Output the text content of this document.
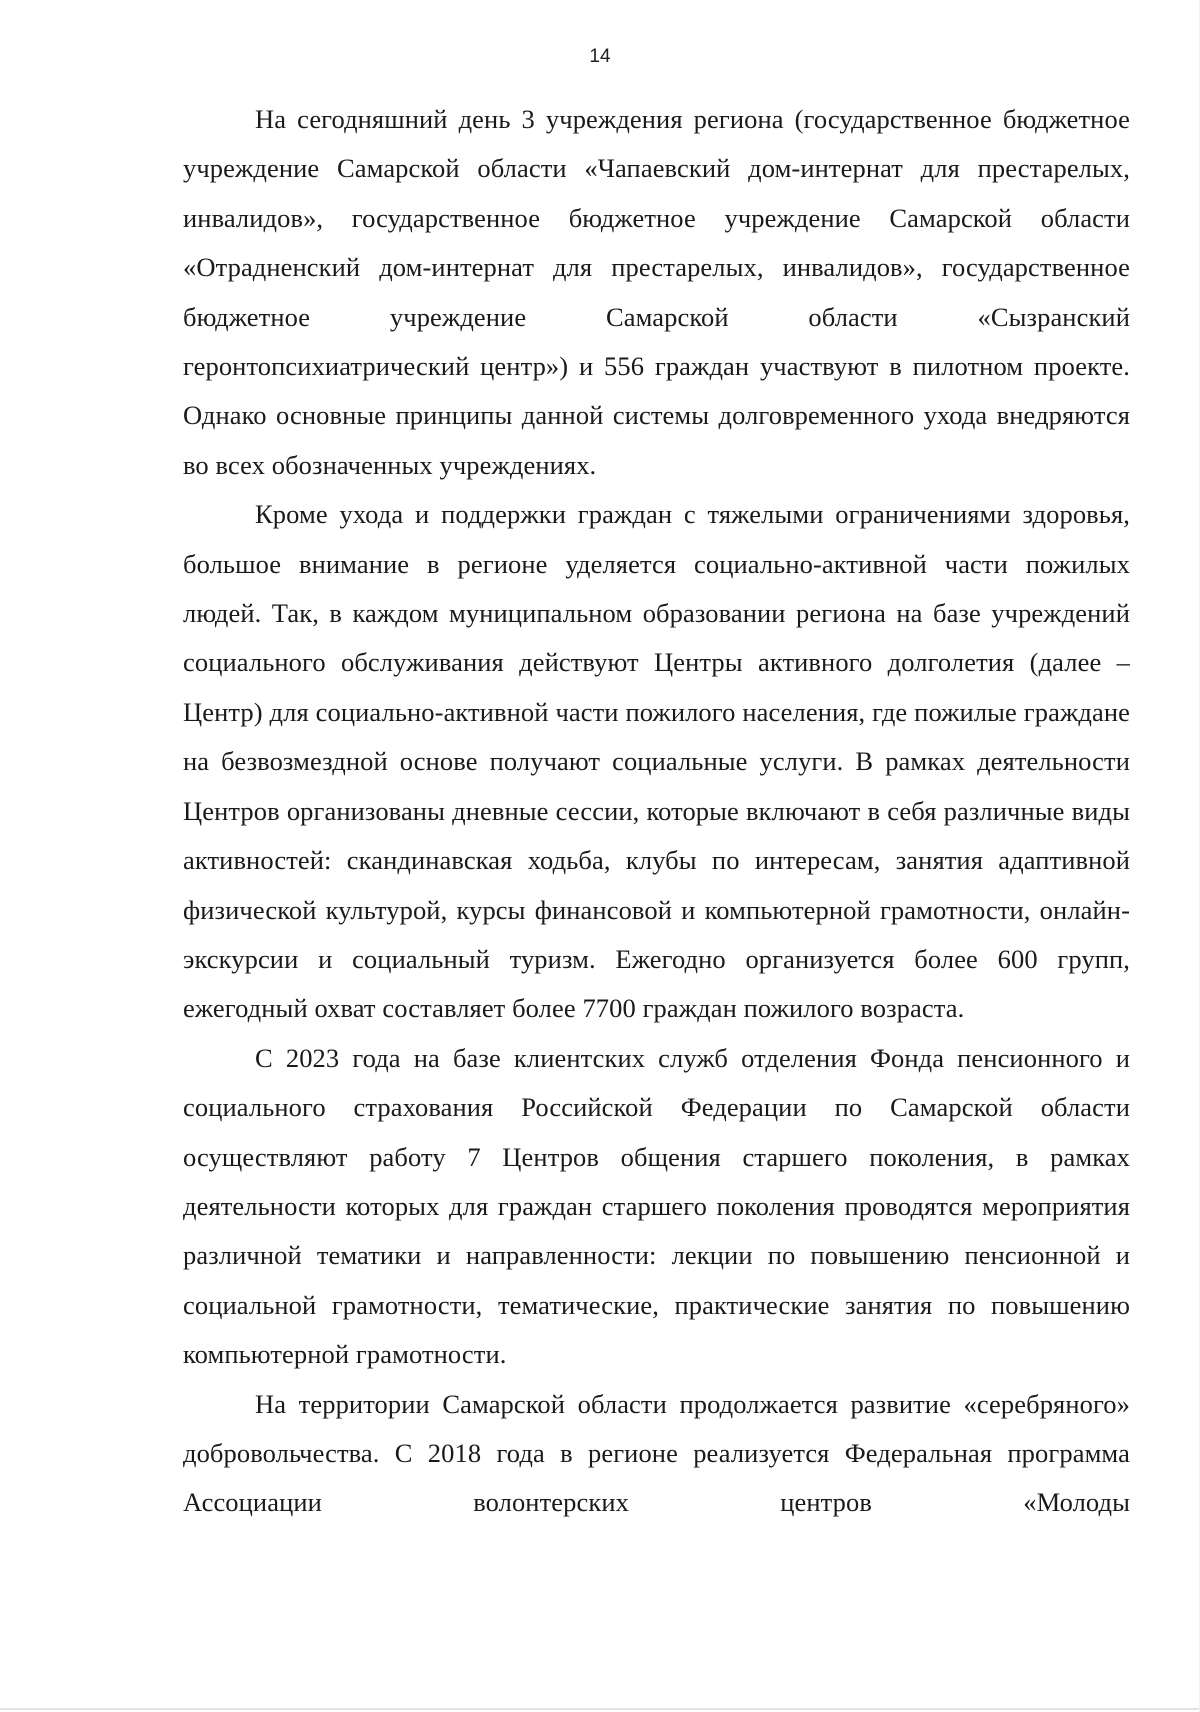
14

На сегодняшний день 3 учреждения региона (государственное бюджетное учреждение Самарской области «Чапаевский дом-интернат для престарелых, инвалидов», государственное бюджетное учреждение Самарской области «Отрадненский дом-интернат для престарелых, инвалидов», государственное бюджетное учреждение Самарской области «Сызранский геронтопсихиатрический центр») и 556 граждан участвуют в пилотном проекте. Однако основные принципы данной системы долговременного ухода внедряются во всех обозначенных учреждениях.

Кроме ухода и поддержки граждан с тяжелыми ограничениями здоровья, большое внимание в регионе уделяется социально-активной части пожилых людей. Так, в каждом муниципальном образовании региона на базе учреждений социального обслуживания действуют Центры активного долголетия (далее – Центр) для социально-активной части пожилого населения, где пожилые граждане на безвозмездной основе получают социальные услуги. В рамках деятельности Центров организованы дневные сессии, которые включают в себя различные виды активностей: скандинавская ходьба, клубы по интересам, занятия адаптивной физической культурой, курсы финансовой и компьютерной грамотности, онлайн-экскурсии и социальный туризм. Ежегодно организуется более 600 групп, ежегодный охват составляет более 7700 граждан пожилого возраста.

С 2023 года на базе клиентских служб отделения Фонда пенсионного и социального страхования Российской Федерации по Самарской области осуществляют работу 7 Центров общения старшего поколения, в рамках деятельности которых для граждан старшего поколения проводятся мероприятия различной тематики и направленности: лекции по повышению пенсионной и социальной грамотности, тематические, практические занятия по повышению компьютерной грамотности.

На территории Самарской области продолжается развитие «серебряного» добровольчества. С 2018 года в регионе реализуется Федеральная программа Ассоциации волонтерских центров «Молоды
